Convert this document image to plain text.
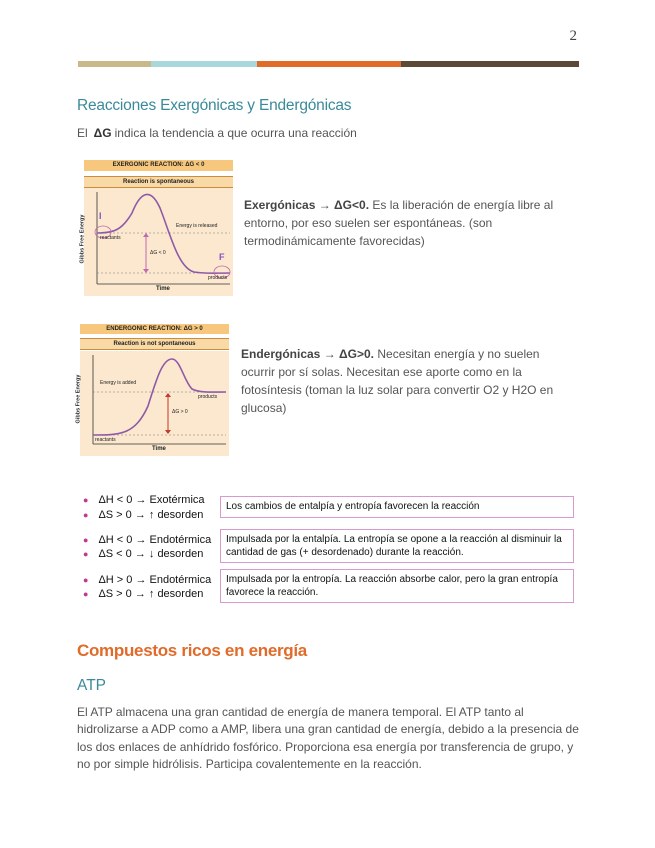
2
Reacciones Exergónicas y Endergónicas
El ΔG indica la tendencia a que ocurra una reacción
EXERGONIC REACTION: ΔG < 0
Reaction is spontaneous
Gibbs Free Energy I
F
reactants
Energy is released
ΔG < 0
products
Time
Exergónicas → ΔG<0. Es la liberación de energía libre al entorno, por eso suelen ser espontáneas. (son termodinámicamente favorecidas)
ENDERGONIC REACTION: ΔG > 0
Reaction is not spontaneous
Gibbs Free Energy	Energy is added
products
ΔG > 0
reactants
Time
Endergónicas → ΔG>0. Necesitan energía y no suelen ocurrir por sí solas. Necesitan ese aporte como en la fotosíntesis (toman la luz solar para convertir O2 y H2O en glucosa)
● ΔH < 0 → Exotérmica
● ΔS > 0 → ↑ desorden
Los cambios de entalpía y entropía favorecen la reacción
● ΔH < 0 → Endotérmica
● ΔS < 0 → ↓ desorden
Impulsada por la entalpía. La entropía se opone a la reacción al disminuir la cantidad de gas (+ desordenado) durante la reacción.
● ΔH > 0 → Endotérmica
● ΔS > 0 → ↑ desorden
Impulsada por la entropía. La reacción absorbe calor, pero la gran entropía favorece la reacción.
Compuestos ricos en energía
ATP
El ATP almacena una gran cantidad de energía de manera temporal. El ATP tanto al hidrolizarse a ADP como a AMP, libera una gran cantidad de energía, debido a la presencia de los dos enlaces de anhídrido fosfórico. Proporciona esa energía por transferencia de grupo, y no por simple hidrólisis. Participa covalentemente en la reacción.
